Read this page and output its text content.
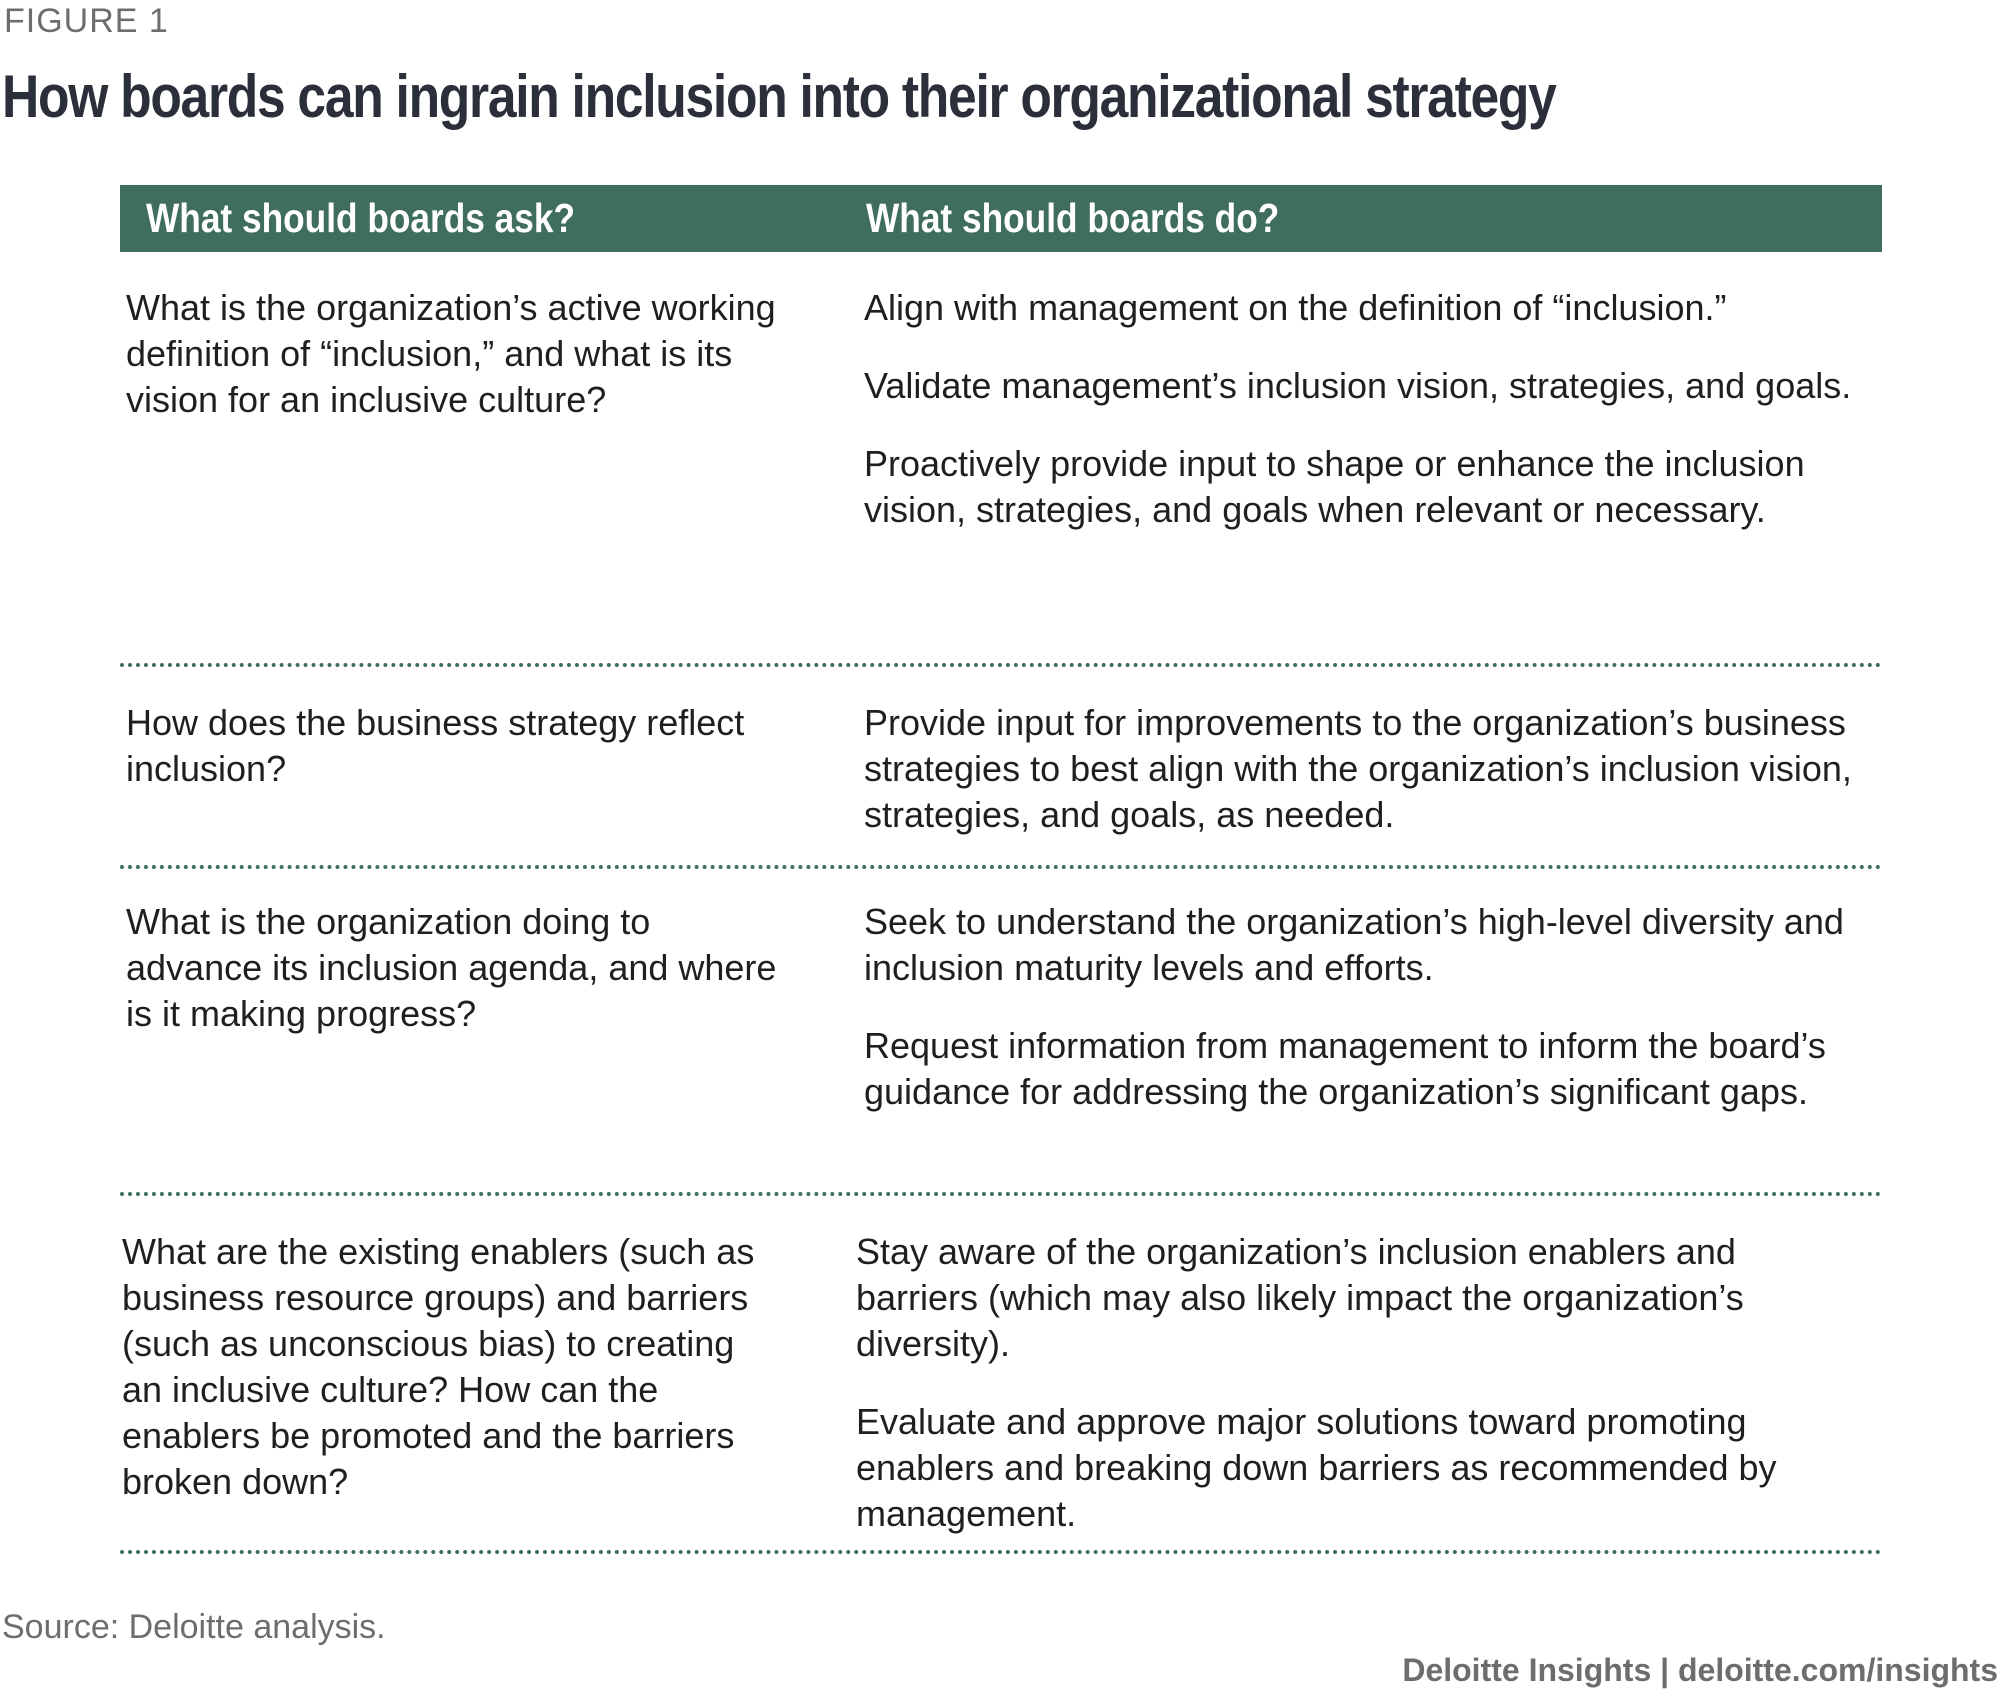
FIGURE 1
How boards can ingrain inclusion into their organizational strategy
What should boards ask?	What should boards do?
What is the organization’s active working definition of “inclusion,” and what is its vision for an inclusive culture?

Align with management on the definition of “inclusion.”

Validate management’s inclusion vision, strategies, and goals.

Proactively provide input to shape or enhance the inclusion vision, strategies, and goals when relevant or necessary.

How does the business strategy reflect inclusion?

Provide input for improvements to the organization’s business strategies to best align with the organization’s inclusion vision, strategies, and goals, as needed.

What is the organization doing to advance its inclusion agenda, and where is it making progress?

Seek to understand the organization’s high-level diversity and inclusion maturity levels and efforts.

Request information from management to inform the board’s guidance for addressing the organization’s significant gaps.

What are the existing enablers (such as business resource groups) and barriers (such as unconscious bias) to creating an inclusive culture? How can the enablers be promoted and the barriers broken down?

Stay aware of the organization’s inclusion enablers and barriers (which may also likely impact the organization’s diversity).

Evaluate and approve major solutions toward promoting enablers and breaking down barriers as recommended by management.

Source: Deloitte analysis.
Deloitte Insights | deloitte.com/insights
